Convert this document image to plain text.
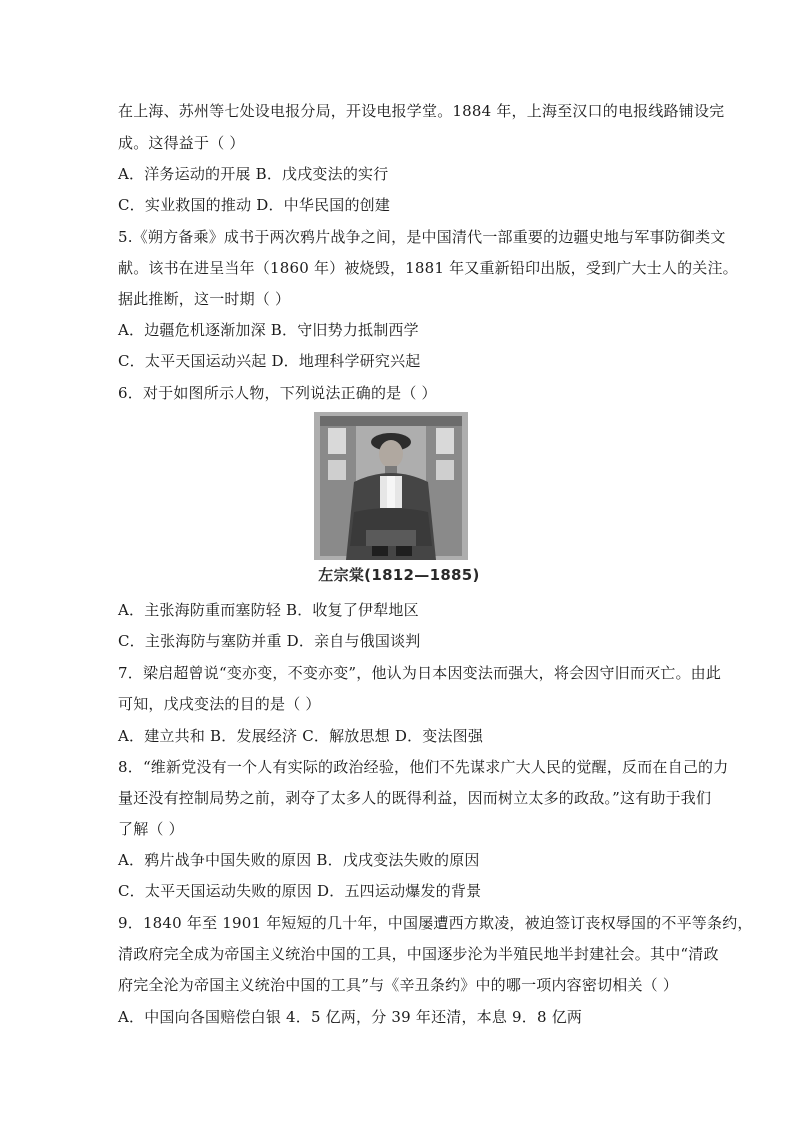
在上海、苏州等七处设电报分局，开设电报学堂。1884 年，上海至汉口的电报线路铺设完
成。这得益于（ ）
A．洋务运动的开展 B．戊戌变法的实行
C．实业救国的推动 D．中华民国的创建
5.《朔方备乘》成书于两次鸦片战争之间，是中国清代一部重要的边疆史地与军事防御类文
献。该书在进呈当年（1860 年）被烧毁，1881 年又重新铅印出版，受到广大士人的关注。
据此推断，这一时期（ ）
A．边疆危机逐渐加深 B．守旧势力抵制西学
C．太平天国运动兴起 D．地理科学研究兴起
6．对于如图所示人物，下列说法正确的是（ ）
左宗棠(1812—1885)
A．主张海防重而塞防轻 B．收复了伊犁地区
C．主张海防与塞防并重 D．亲自与俄国谈判
7．梁启超曾说“变亦变，不变亦变”，他认为日本因变法而强大，将会因守旧而灭亡。由此
可知，戊戌变法的目的是（ ）
A．建立共和 B．发展经济 C．解放思想 D．变法图强
8．“维新党没有一个人有实际的政治经验，他们不先谋求广大人民的觉醒，反而在自己的力
量还没有控制局势之前，剥夺了太多人的既得利益，因而树立太多的政敌。”这有助于我们
了解（ ）
A．鸦片战争中国失败的原因 B．戊戌变法失败的原因
C．太平天国运动失败的原因 D．五四运动爆发的背景
9．1840 年至 1901 年短短的几十年，中国屡遭西方欺凌，被迫签订丧权辱国的不平等条约，
清政府完全成为帝国主义统治中国的工具，中国逐步沦为半殖民地半封建社会。其中“清政
府完全沦为帝国主义统治中国的工具”与《辛丑条约》中的哪一项内容密切相关（ ）
A．中国向各国赔偿白银 4．5 亿两，分 39 年还清，本息 9．8 亿两
